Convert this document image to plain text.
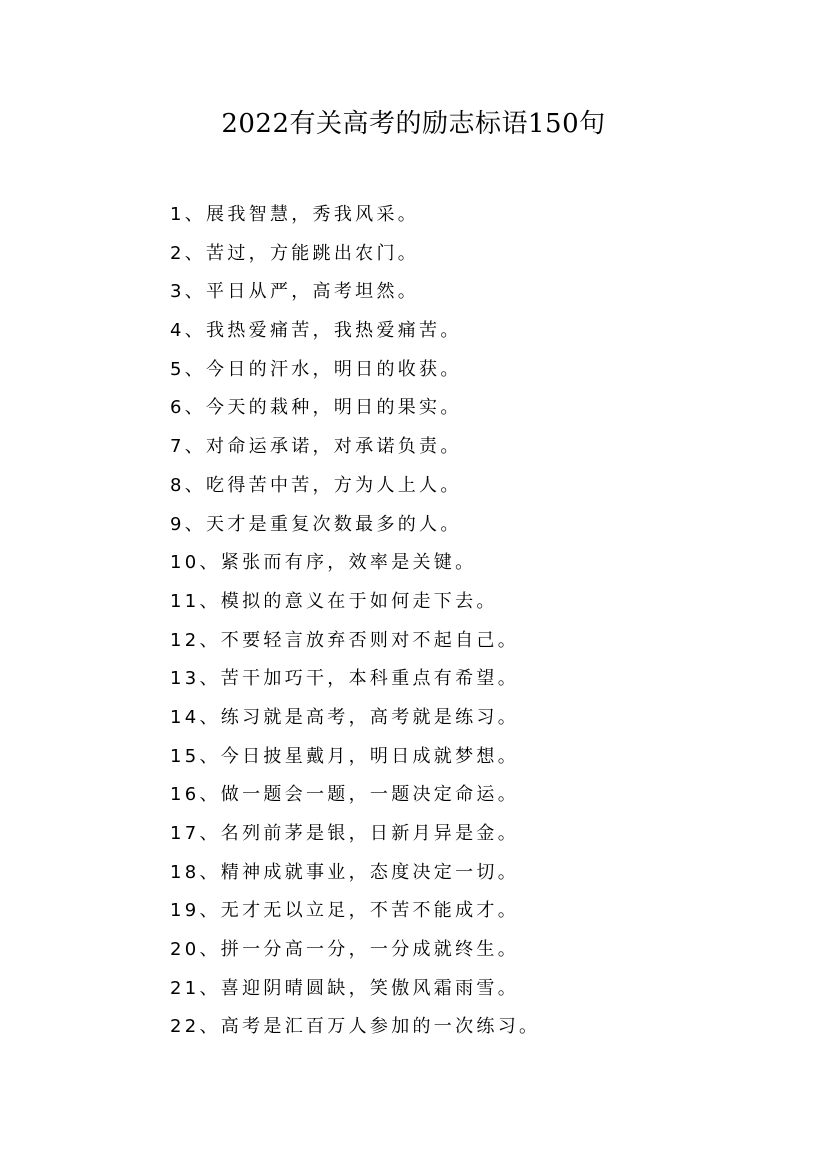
2022有关高考的励志标语150句
1、展我智慧，秀我风采。
2、苦过，方能跳出农门。
3、平日从严，高考坦然。
4、我热爱痛苦，我热爱痛苦。
5、今日的汗水，明日的收获。
6、今天的栽种，明日的果实。
7、对命运承诺，对承诺负责。
8、吃得苦中苦，方为人上人。
9、天才是重复次数最多的人。
10、紧张而有序，效率是关键。
11、模拟的意义在于如何走下去。
12、不要轻言放弃否则对不起自己。
13、苦干加巧干，本科重点有希望。
14、练习就是高考，高考就是练习。
15、今日披星戴月，明日成就梦想。
16、做一题会一题，一题决定命运。
17、名列前茅是银，日新月异是金。
18、精神成就事业，态度决定一切。
19、无才无以立足，不苦不能成才。
20、拼一分高一分，一分成就终生。
21、喜迎阴晴圆缺，笑傲风霜雨雪。
22、高考是汇百万人参加的一次练习。
